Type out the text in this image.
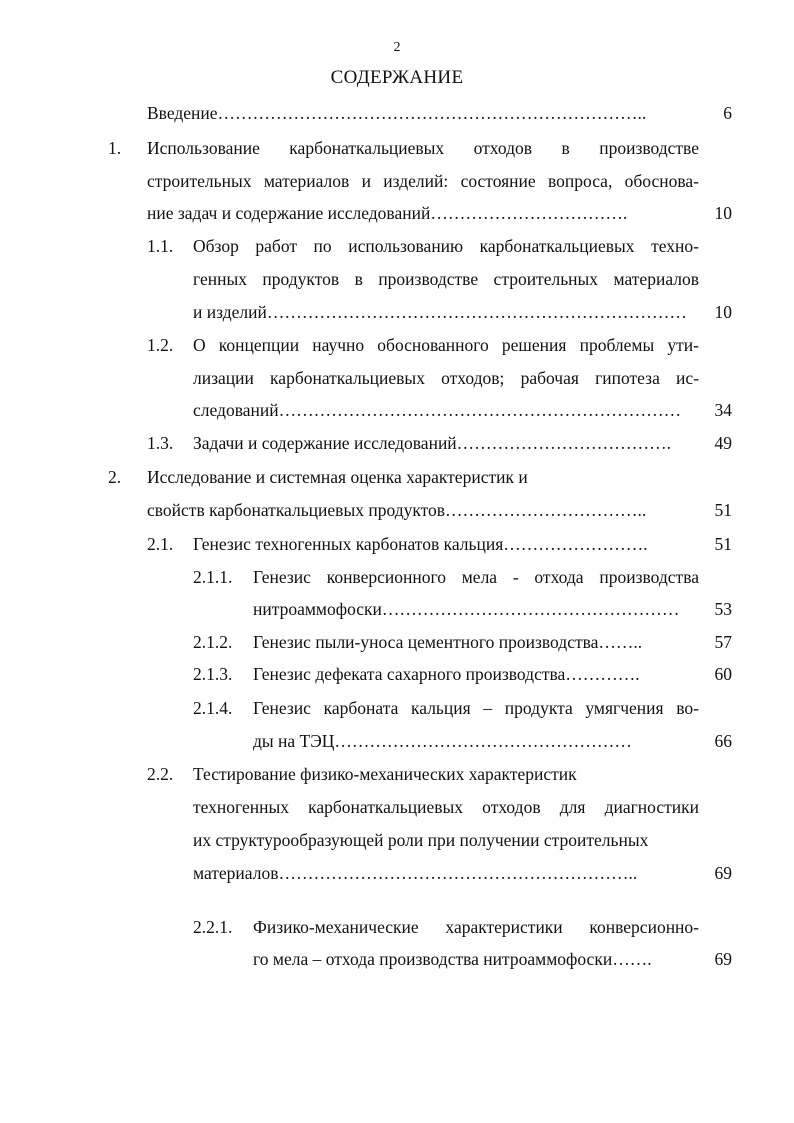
2
СОДЕРЖАНИЕ
Введение………………………………………………………………..	6
1. Использование карбонаткальциевых отходов в производстве
строительных материалов и изделий: состояние вопроса, обоснова-
ние задач и содержание исследований…………………………….	10
1.1. Обзор работ по использованию карбонаткальциевых техно-
генных продуктов в производстве строительных материалов
и изделий……………………………………………………………… 10
1.2. О концепции научно обоснованного решения проблемы ути-
лизации карбонаткальциевых отходов; рабочая гипотеза ис-
следований…………………………………………………………… 34
1.3. Задачи и содержание исследований………………………………. 49
2. Исследование и системная оценка характеристик и
свойств карбонаткальциевых продуктов……………………………..	51
2.1. Генезис техногенных карбонатов кальция…………………….	51
2.1.1. Генезис конверсионного мела - отхода производства
нитроаммофоски…………………………………………… 53
2.1.2. Генезис пыли-уноса цементного производства……..	57
2.1.3. Генезис дефеката сахарного производства………….	60
2.1.4. Генезис карбоната кальция – продукта умягчения во-
ды на ТЭЦ……………………………………………	66
2.2. Тестирование физико-механических характеристик
техногенных карбонаткальциевых отходов для диагностики
их структурообразующей роли при получении строительных
материалов……………………………………………………..	69
2.2.1. Физико-механические характеристики конверсионно-
го мела – отхода производства нитроаммофоски…….	69
